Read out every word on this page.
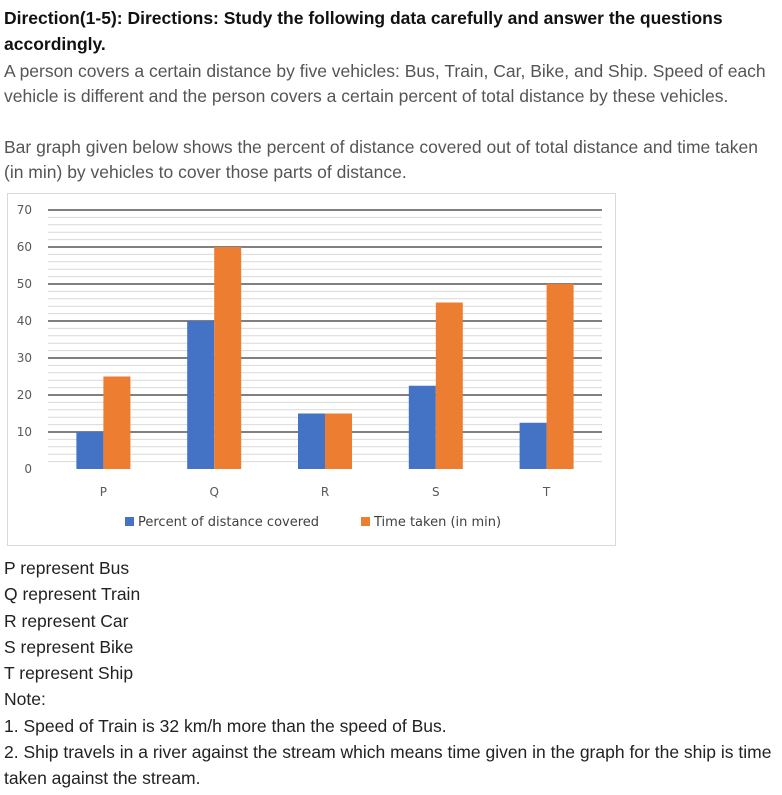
Direction(1-5): Directions: Study the following data carefully and answer the questions accordingly.
A person covers a certain distance by five vehicles: Bus, Train, Car, Bike, and Ship. Speed of each vehicle is different and the person covers a certain percent of total distance by these vehicles.
Bar graph given below shows the percent of distance covered out of total distance and time taken (in min) by vehicles to cover those parts of distance.
0
10
20
30
40
50
60
70
P	Q	R	S	T
Percent of distance covered	Time taken (in min)
P represent Bus
Q represent Train
R represent Car
S represent Bike
T represent Ship
Note:
1. Speed of Train is 32 km/h more than the speed of Bus.
2. Ship travels in a river against the stream which means time given in the graph for the ship is time taken against the stream.
